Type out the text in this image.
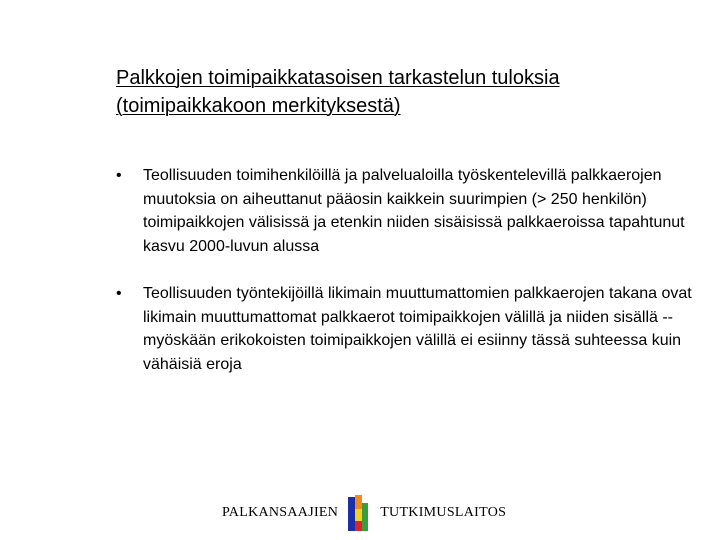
Palkkojen toimipaikkatasoisen tarkastelun tuloksia
(toimipaikkakoon merkityksestä)
•	Teollisuuden toimihenkilöillä ja palvelualoilla työskentelevillä palkkaerojen muutoksia on aiheuttanut pääosin kaikkein suurimpien (> 250 henkilön) toimipaikkojen välisissä ja etenkin niiden sisäisissä palkkaeroissa tapahtunut kasvu 2000-luvun alussa
•	Teollisuuden työntekijöillä likimain muuttumattomien palkkaerojen takana ovat likimain muuttumattomat palkkaerot toimipaikkojen välillä ja niiden sisällä -- myöskään erikokoisten toimipaikkojen välillä ei esiinny tässä suhteessa kuin vähäisiä eroja
PALKANSAAJIEN	TUTKIMUSLAITOS
